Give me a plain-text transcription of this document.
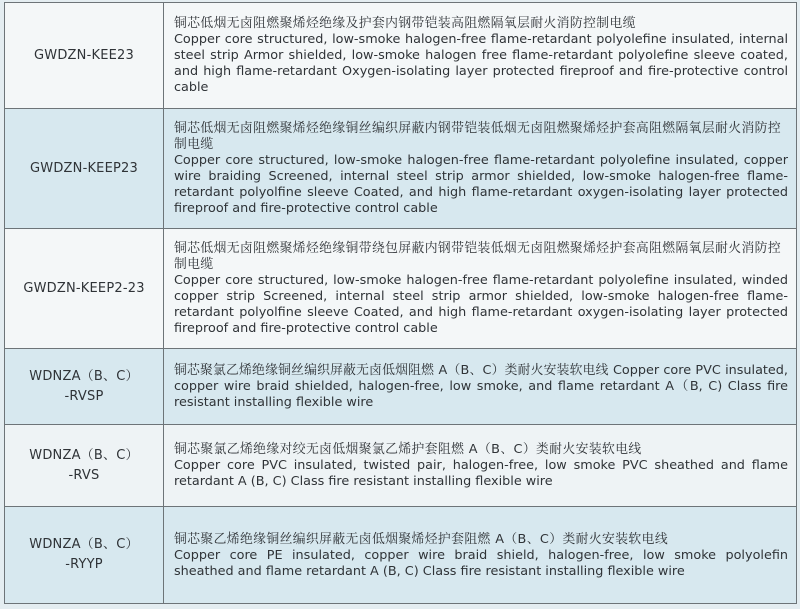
GWDZN-KEE23	铜芯低烟无卤阻燃聚烯烃绝缘及护套内钢带铠装高阻燃隔氧层耐火消防控制电缆
Copper core structured, low-smoke halogen-free flame-retardant polyolefine insulated, internal steel strip Armor shielded, low-smoke halogen free flame-retardant polyolefine sleeve coated, and high flame-retardant Oxygen-isolating layer protected fireproof and fire-protective control cable

GWDZN-KEEP23	铜芯低烟无卤阻燃聚烯烃绝缘铜丝编织屏蔽内钢带铠装低烟无卤阻燃聚烯烃护套高阻燃隔氧层耐火消防控制电缆
Copper core structured, low-smoke halogen-free flame-retardant polyolefine insulated, copper wire braiding Screened, internal steel strip armor shielded, low-smoke halogen-free flame-retardant polyolfine sleeve Coated, and high flame-retardant oxygen-isolating layer protected fireproof and fire-protective control cable

GWDZN-KEEP2-23	铜芯低烟无卤阻燃聚烯烃绝缘铜带绕包屏蔽内钢带铠装低烟无卤阻燃聚烯烃护套高阻燃隔氧层耐火消防控制电缆
Copper core structured, low-smoke halogen-free flame-retardant polyolefine insulated, winded copper strip Screened, internal steel strip armor shielded, low-smoke halogen-free flame-retardant polyolfine sleeve Coated, and high flame-retardant oxygen-isolating layer protected fireproof and fire-protective control cable

WDNZA（B、C）
-RVSP	铜芯聚氯乙烯绝缘铜丝编织屏蔽无卤低烟阻燃 A（B、C）类耐火安装软电线 Copper core PVC insulated, copper wire braid shielded, halogen-free, low smoke, and flame retardant A（B, C) Class fire resistant installing flexible wire

WDNZA（B、C）
-RVS	铜芯聚氯乙烯绝缘对绞无卤低烟聚氯乙烯护套阻燃 A（B、C）类耐火安装软电线
Copper core PVC insulated, twisted pair, halogen-free, low smoke PVC sheathed and flame retardant A (B, C) Class fire resistant installing flexible wire

WDNZA（B、C）
-RYYP	铜芯聚乙烯绝缘铜丝编织屏蔽无卤低烟聚烯烃护套阻燃 A（B、C）类耐火安装软电线
Copper core PE insulated, copper wire braid shield, halogen-free, low smoke polyolefin sheathed and flame retardant A (B, C) Class fire resistant installing flexible wire
